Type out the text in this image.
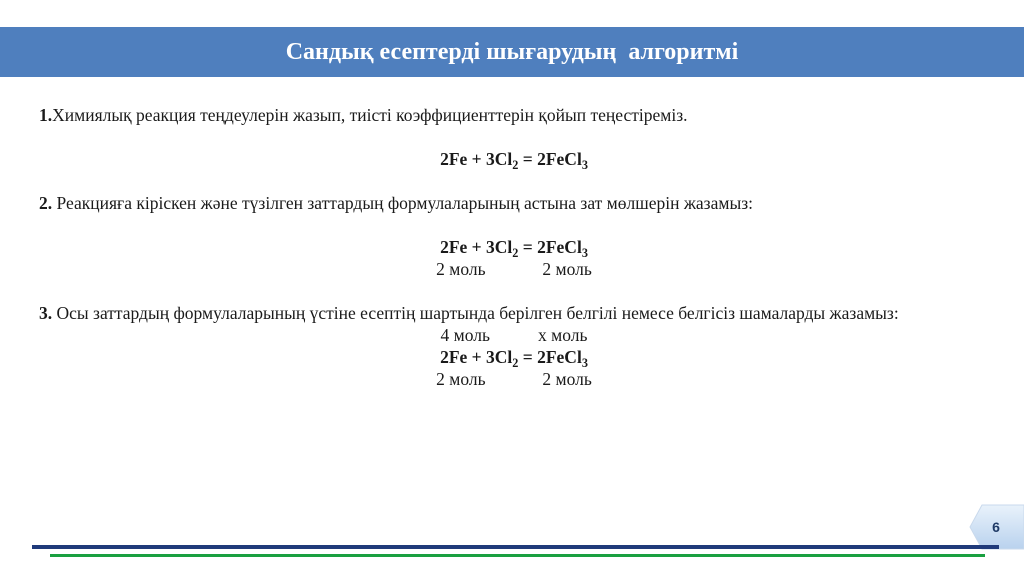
Сандық есептерді шығарудың  алгоритмі

1.Химиялық реакция теңдеулерін жазып, тиісті коэффициенттерін қойып теңестіреміз.

$2Fe + 3Cl_2$ = 2FeCl$_3$

2. Реакцияға кірiскен және түзілген заттардың формулаларының астына зат мөлшерін жазамыз:

$2Fe + 3Cl_2$ = 2FeCl$_3$

2 моль             2 моль

3. Осы заттардың формулаларының үстіне есептің шартында берілген белгілі немесе белгісіз шамаларды жазамыз:

4 моль           х моль

$2Fe + 3Cl_2$ = 2FeCl$_3$

2 моль             2 моль

6
